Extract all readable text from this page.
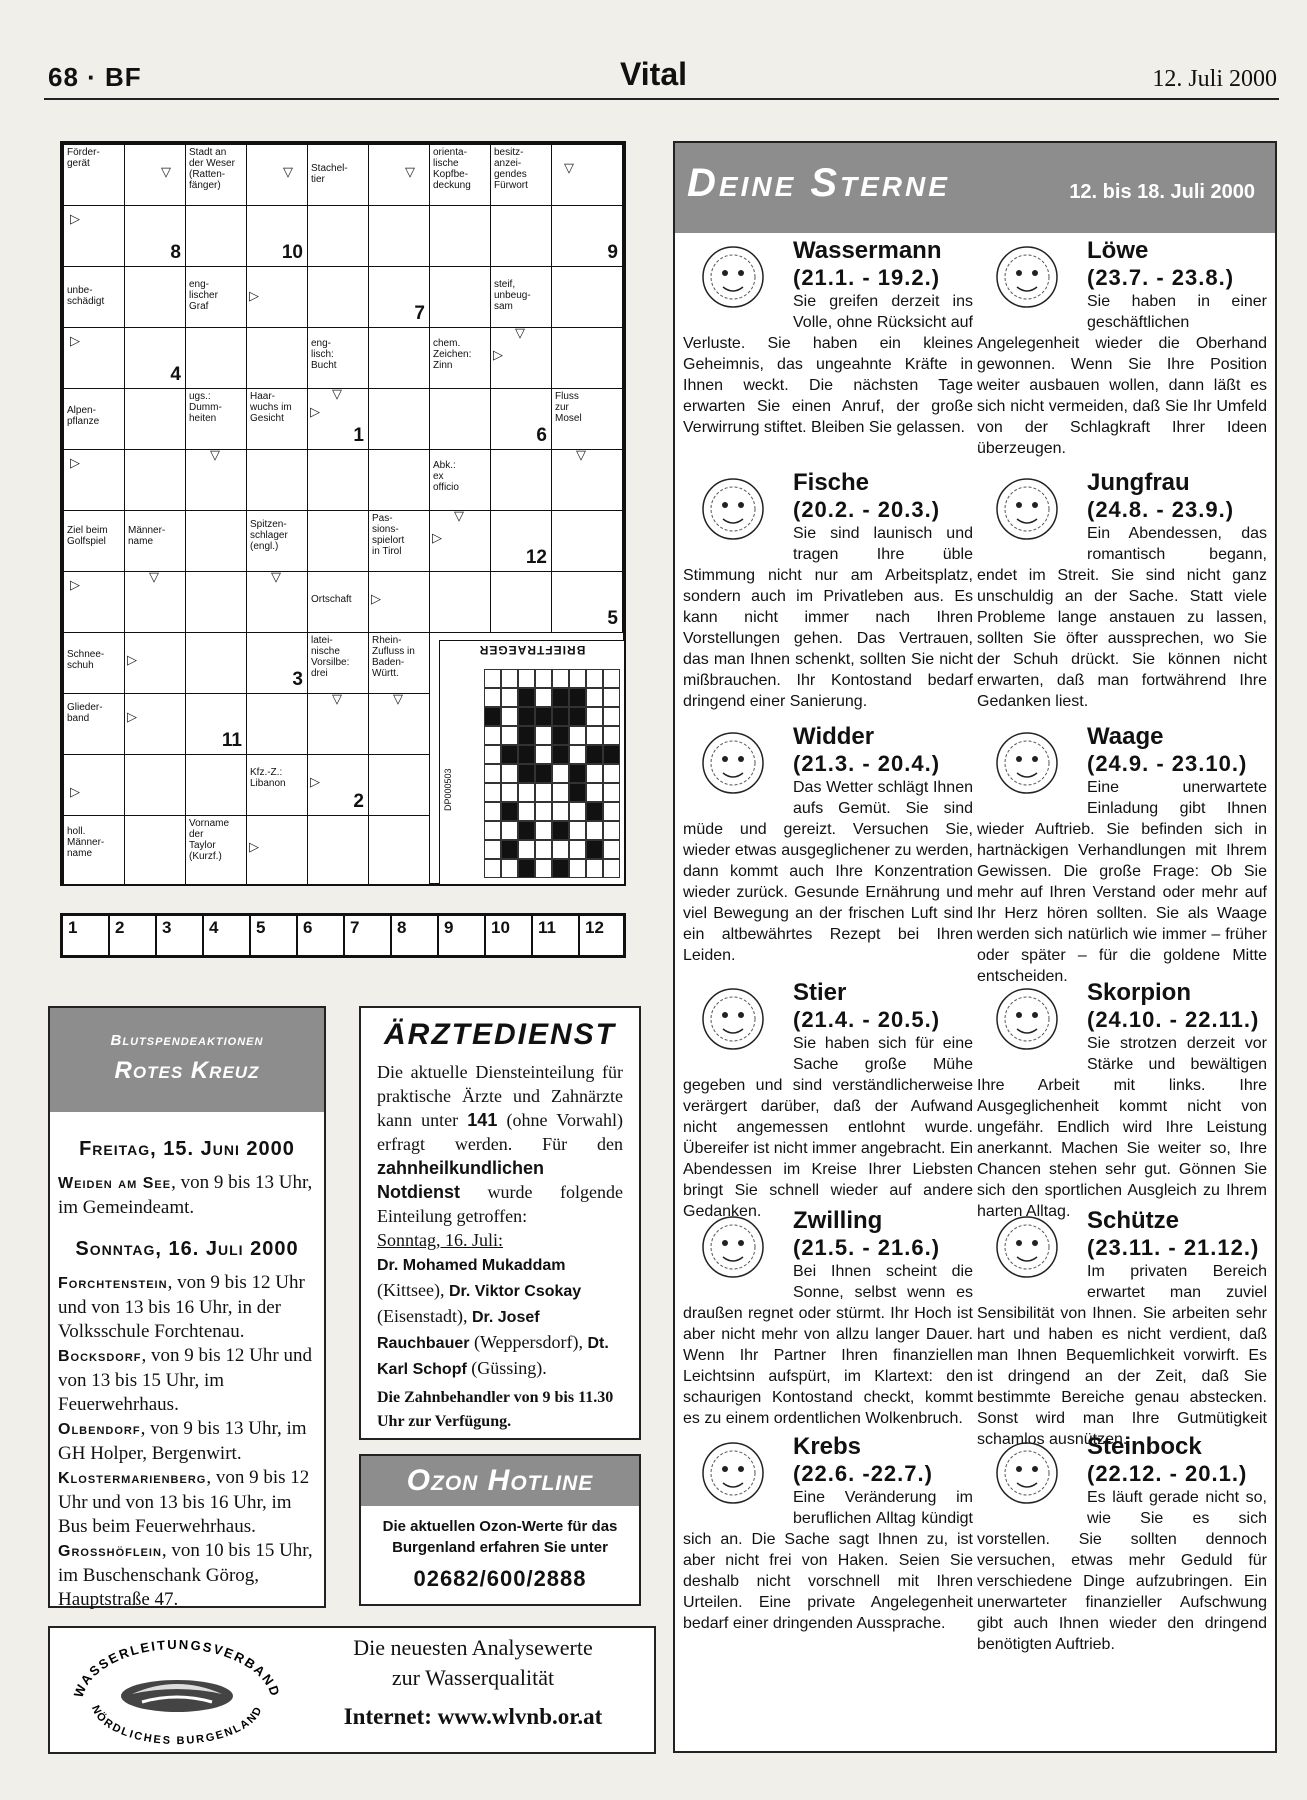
68 · BF	Vital	12. Juli 2000
Förder-
gerät
▽
Stadt an
der Weser
(Ratten-
fänger)
▽	Stachel-
tier	▽
orienta-
lische
Kopfbe-
deckung
besitz-
anzei-
gendes
Fürwort
▽
▷
8	10	9
unbe-
schädigt
eng-
lischer
Graf
▷
7
steif,
unbeug-
sam
▷
4
eng-
lisch:
Bucht
chem.
Zeichen:
Zinn
▷
▽
Alpen-
pflanze
ugs.:
Dumm-
heiten
Haar-
wuchs im
Gesicht	▷
▽
1	6
Fluss
zur
Mosel
▷
▽
Abk.:
ex
officio
▽
Ziel beim
Golfspiel
Männer-
name
Spitzen-
schlager
(engl.)
Pas-
sions-
spielort
in Tirol
▷
▽
12
▷
▽	▽
Ortschaft	▷
5
Schnee-
schuh	▷
3
latei-
nische
Vorsilbe:
drei
Rhein-
Zufluss in
Baden-
Württ.
Glieder-
band	▷
11
▽	▽
▷
Kfz.-Z.:
Libanon	▷
2
holl.
Männer-
name
Vorname
der
Taylor
(Kurzf.)
▷
BRIEFTRAEGER
DP000503
1	2	3	4	5	6	7	8	9	10	11	12
Blutspendeaktionen
Rotes Kreuz
Freitag, 15. Juni 2000

Weiden am See, von 9 bis 13 Uhr, im Gemeindeamt.

Sonntag, 16. Juli 2000

Forchtenstein, von 9 bis 12 Uhr und von 13 bis 16 Uhr, in der Volksschule Forchtenau.

Bocksdorf, von 9 bis 12 Uhr und von 13 bis 15 Uhr, im Feuerwehrhaus.

Olbendorf, von 9 bis 13 Uhr, im GH Holper, Bergenwirt.

Klostermarienberg, von 9 bis 12 Uhr und von 13 bis 16 Uhr, im Bus beim Feuerwehrhaus.

Grosshöflein, von 10 bis 15 Uhr, im Buschenschank Görog, Hauptstraße 47.

ÄRZTEDIENST

Die aktuelle Diensteinteilung für praktische Ärzte und Zahnärzte kann unter 141 (ohne Vorwahl) erfragt werden. Für den zahnheilkundlichen Notdienst wurde folgende Einteilung getroffen:

Sonntag, 16. Juli:

Dr. Mohamed Mukaddam (Kittsee), Dr. Viktor Csokay (Eisenstadt), Dr. Josef Rauchbauer (Weppersdorf), Dt. Karl Schopf (Güssing).

Die Zahnbehandler von 9 bis 11.30 Uhr zur Verfügung.

Ozon Hotline

Die aktuellen Ozon-Werte für das Burgenland erfahren Sie unter

02682/600/2888

WASSERLEITUNGSVERBAND
NÖRDLICHES BURGENLAND

Die neuesten Analysewerte

zur Wasserqualität

Internet: www.wlvnb.or.at

Deine Sterne	12. bis 18. Juli 2000
Wassermann
(21.1. - 19.2.)

Sie greifen derzeit ins Volle, ohne Rücksicht auf Verluste. Sie haben ein kleines Geheimnis, das ungeahnte Kräfte in Ihnen weckt. Die nächsten Tage erwarten Sie einen Anruf, der große Verwirrung stiftet. Bleiben Sie gelassen.

Löwe
(23.7. - 23.8.)

Sie haben in einer geschäftlichen Angelegenheit wieder die Oberhand gewonnen. Wenn Sie Ihre Position weiter ausbauen wollen, dann läßt es sich nicht vermeiden, daß Sie Ihr Umfeld von der Schlagkraft Ihrer Ideen überzeugen.

Fische
(20.2. - 20.3.)

Sie sind launisch und tragen Ihre üble Stimmung nicht nur am Arbeitsplatz, sondern auch im Privatleben aus. Es kann nicht immer nach Ihren Vorstellungen gehen. Das Vertrauen, das man Ihnen schenkt, sollten Sie nicht mißbrauchen. Ihr Kontostand bedarf dringend einer Sanierung.

Jungfrau
(24.8. - 23.9.)

Ein Abendessen, das romantisch begann, endet im Streit. Sie sind nicht ganz unschuldig an der Sache. Statt viele Probleme lange anstauen zu lassen, sollten Sie öfter aussprechen, wo Sie der Schuh drückt. Sie können nicht erwarten, daß man fortwährend Ihre Gedanken liest.

Widder
(21.3. - 20.4.)

Das Wetter schlägt Ihnen aufs Gemüt. Sie sind müde und gereizt. Versuchen Sie, wieder etwas ausgeglichener zu werden, dann kommt auch Ihre Konzentration wieder zurück. Gesunde Ernährung und viel Bewegung an der frischen Luft sind ein altbewährtes Rezept bei Ihren Leiden.

Waage
(24.9. - 23.10.)

Eine unerwartete Einladung gibt Ihnen wieder Auftrieb. Sie befinden sich in hartnäckigen Verhandlungen mit Ihrem Gewissen. Die große Frage: Ob Sie mehr auf Ihren Verstand oder mehr auf Ihr Herz hören sollten. Sie als Waage werden sich natürlich wie immer – früher oder später – für die goldene Mitte entscheiden.

Stier
(21.4. - 20.5.)

Sie haben sich für eine Sache große Mühe gegeben und sind verständlicherweise verärgert darüber, daß der Aufwand nicht angemessen entlohnt wurde. Übereifer ist nicht immer angebracht. Ein Abendessen im Kreise Ihrer Liebsten bringt Sie schnell wieder auf andere Gedanken.

Skorpion
(24.10. - 22.11.)

Sie strotzen derzeit vor Stärke und bewältigen Ihre Arbeit mit links. Ihre Ausgeglichenheit kommt nicht von ungefähr. Endlich wird Ihre Leistung anerkannt. Machen Sie weiter so, Ihre Chancen stehen sehr gut. Gönnen Sie sich den sportlichen Ausgleich zu Ihrem harten Alltag.

Zwilling
(21.5. - 21.6.)

Bei Ihnen scheint die Sonne, selbst wenn es draußen regnet oder stürmt. Ihr Hoch ist aber nicht mehr von allzu langer Dauer. Wenn Ihr Partner Ihren finanziellen Leichtsinn aufspürt, im Klartext: den schaurigen Kontostand checkt, kommt es zu einem ordentlichen Wolkenbruch.

Schütze
(23.11. - 21.12.)

Im privaten Bereich erwartet man zuviel Sensibilität von Ihnen. Sie arbeiten sehr hart und haben es nicht verdient, daß man Ihnen Bequemlichkeit vorwirft. Es ist dringend an der Zeit, daß Sie bestimmte Bereiche genau abstecken. Sonst wird man Ihre Gutmütigkeit schamlos ausnützen.

Krebs
(22.6. -22.7.)

Eine Veränderung im beruflichen Alltag kündigt sich an. Die Sache sagt Ihnen zu, ist aber nicht frei von Haken. Seien Sie deshalb nicht vorschnell mit Ihren Urteilen. Eine private Angelegenheit bedarf einer dringenden Aussprache.

Steinbock
(22.12. - 20.1.)

Es läuft gerade nicht so, wie Sie es sich vorstellen. Sie sollten dennoch versuchen, etwas mehr Geduld für verschiedene Dinge aufzubringen. Ein unerwarteter finanzieller Aufschwung gibt auch Ihnen wieder den dringend benötigten Auftrieb.
